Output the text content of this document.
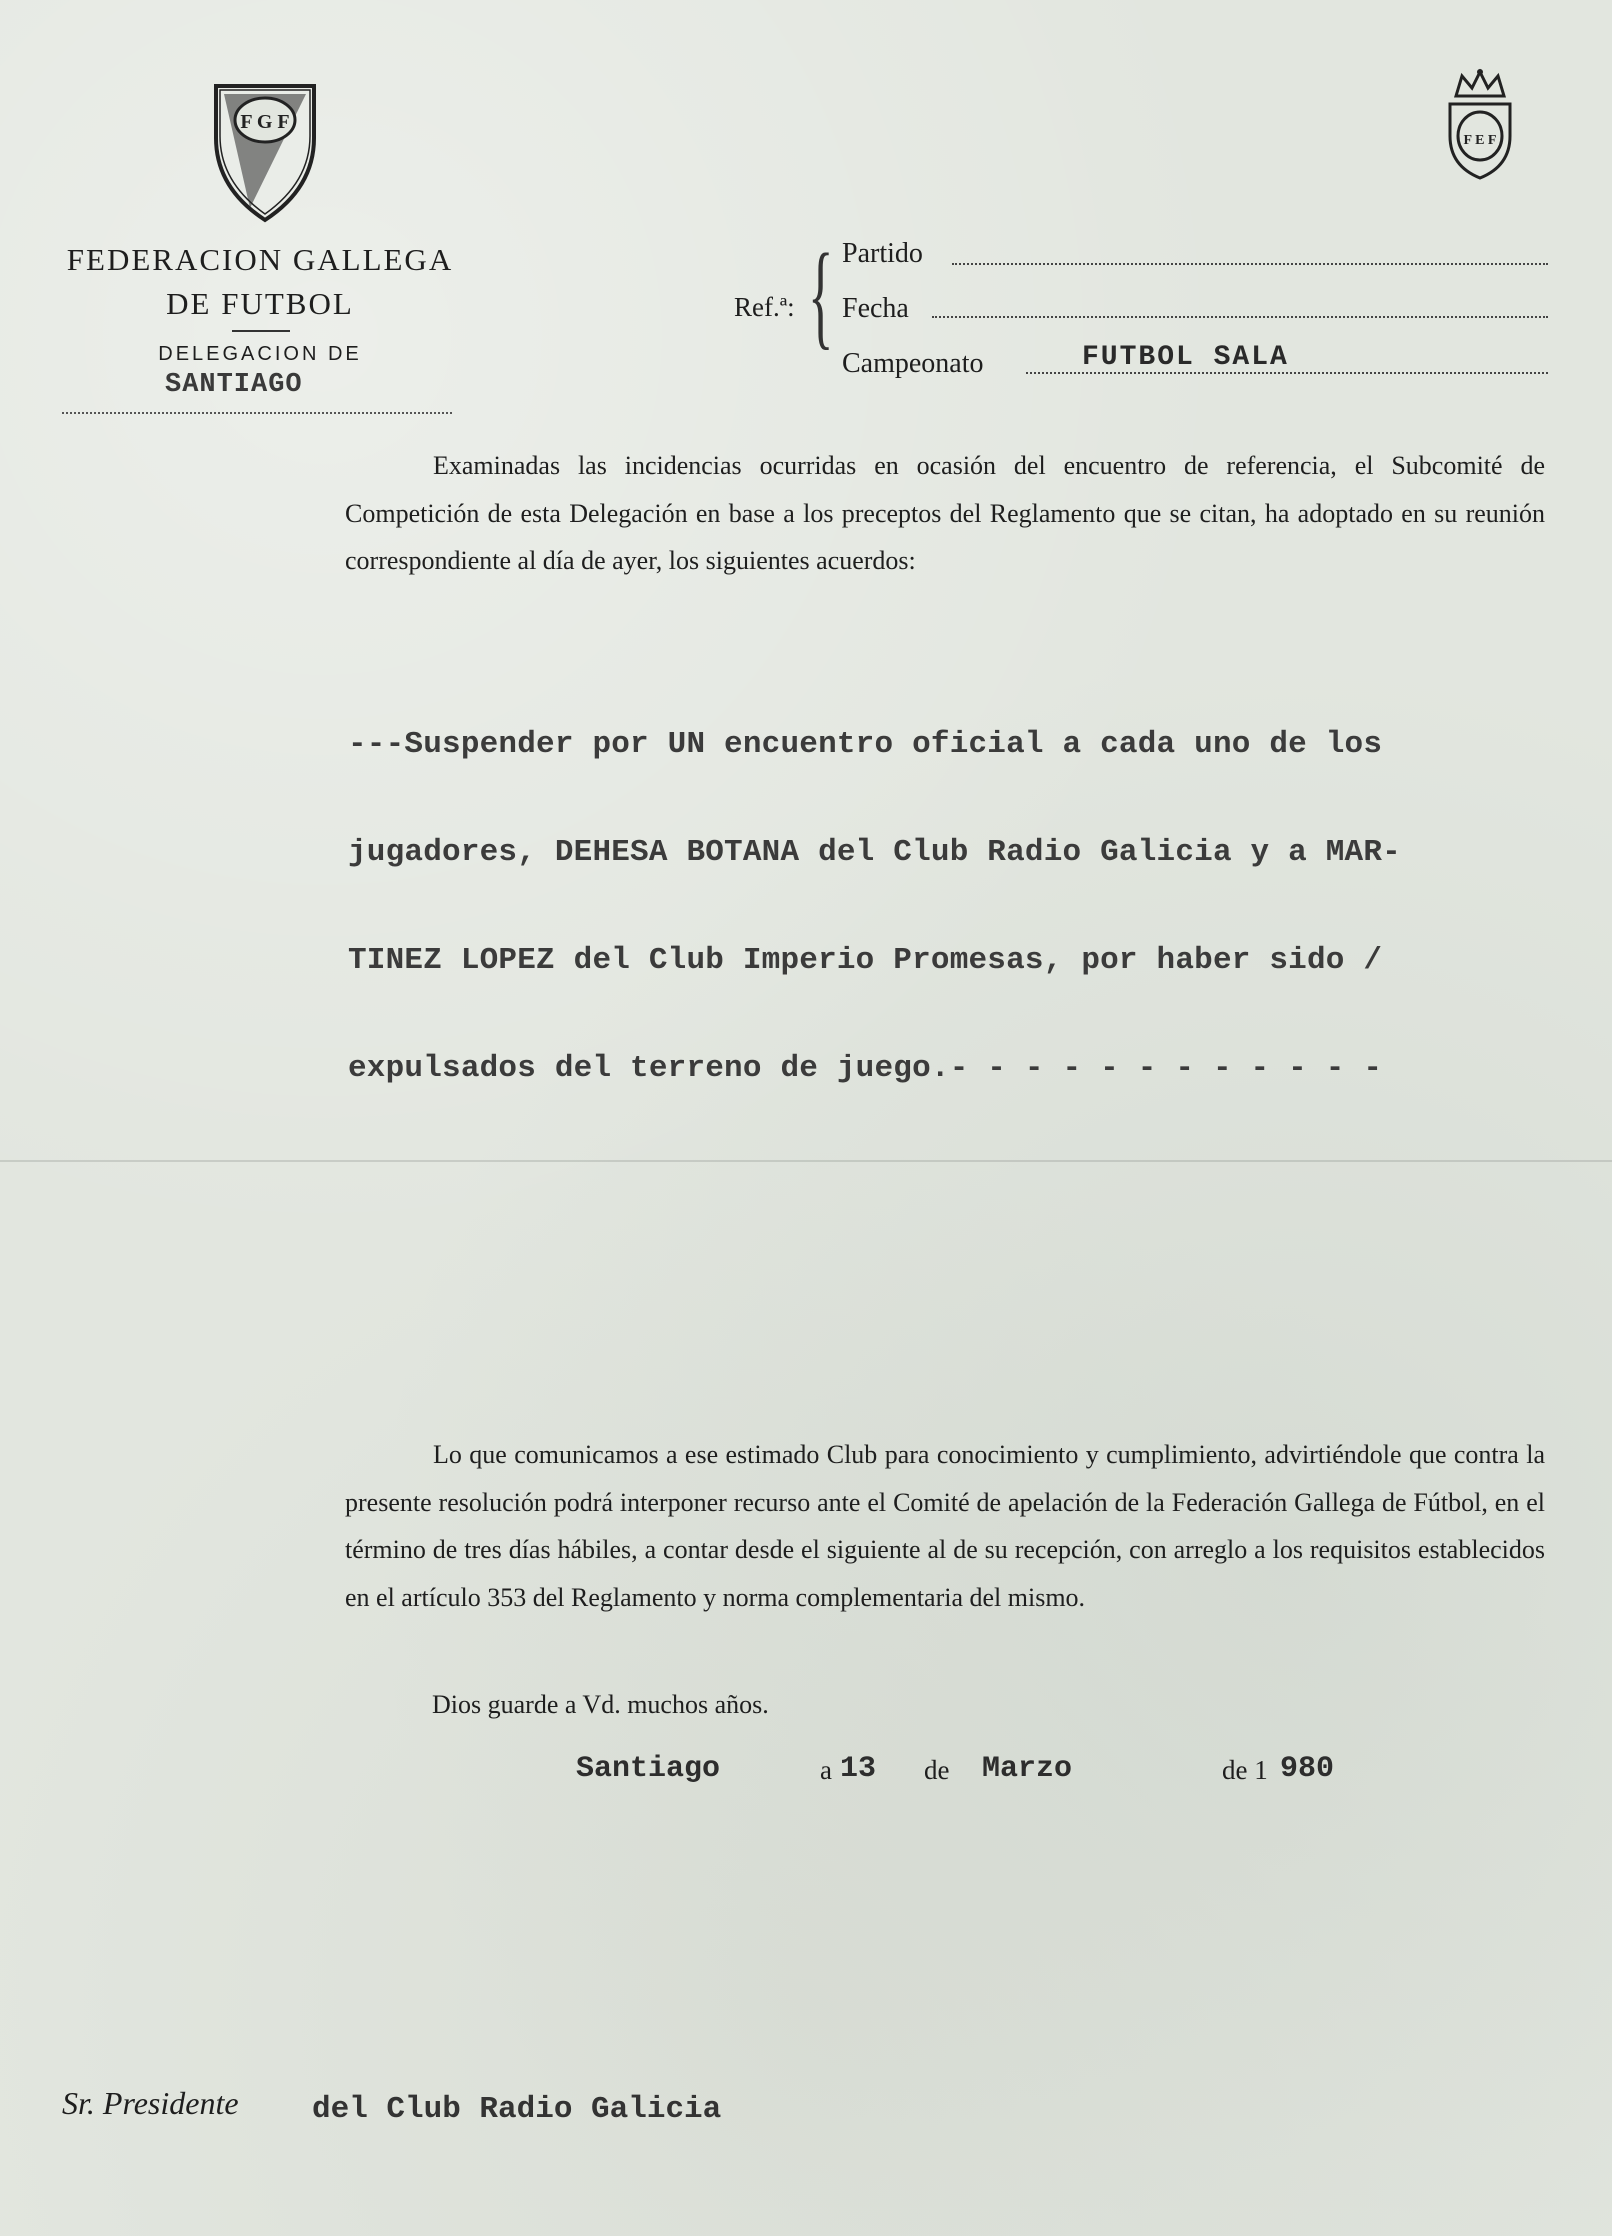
F G F
F E F
FEDERACION GALLEGA
DE FUTBOL
DELEGACION DE
SANTIAGO
Ref.ª: { Partido
Fecha
Campeonato	FUTBOL SALA
Examinadas las incidencias ocurridas en ocasión del encuentro de referencia, el Subcomité de Competición de esta Delegación en base a los preceptos del Reglamento que se citan, ha adoptado en su reunión correspondiente al día de ayer, los siguientes acuerdos:

---Suspender por UN encuentro oficial a cada uno de los

jugadores, DEHESA BOTANA del Club Radio Galicia y a MAR-

TINEZ LOPEZ del Club Imperio Promesas, por haber sido /

expulsados del terreno de juego.- - - - - - - - - - - -

Lo que comunicamos a ese estimado Club para conocimiento y cumplimiento, advirtiéndole que contra la presente resolución podrá interponer recurso ante el Comité de apelación de la Federación Gallega de Fútbol, en el término de tres días hábiles, a contar desde el siguiente al de su recepción, con arreglo a los requisitos establecidos en el artículo 353 del Reglamento y norma complementaria del mismo.
Dios guarde a Vd. muchos años.
Santiago	a 13 de Marzo	de 1 980
Sr. Presidente del Club Radio Galicia
